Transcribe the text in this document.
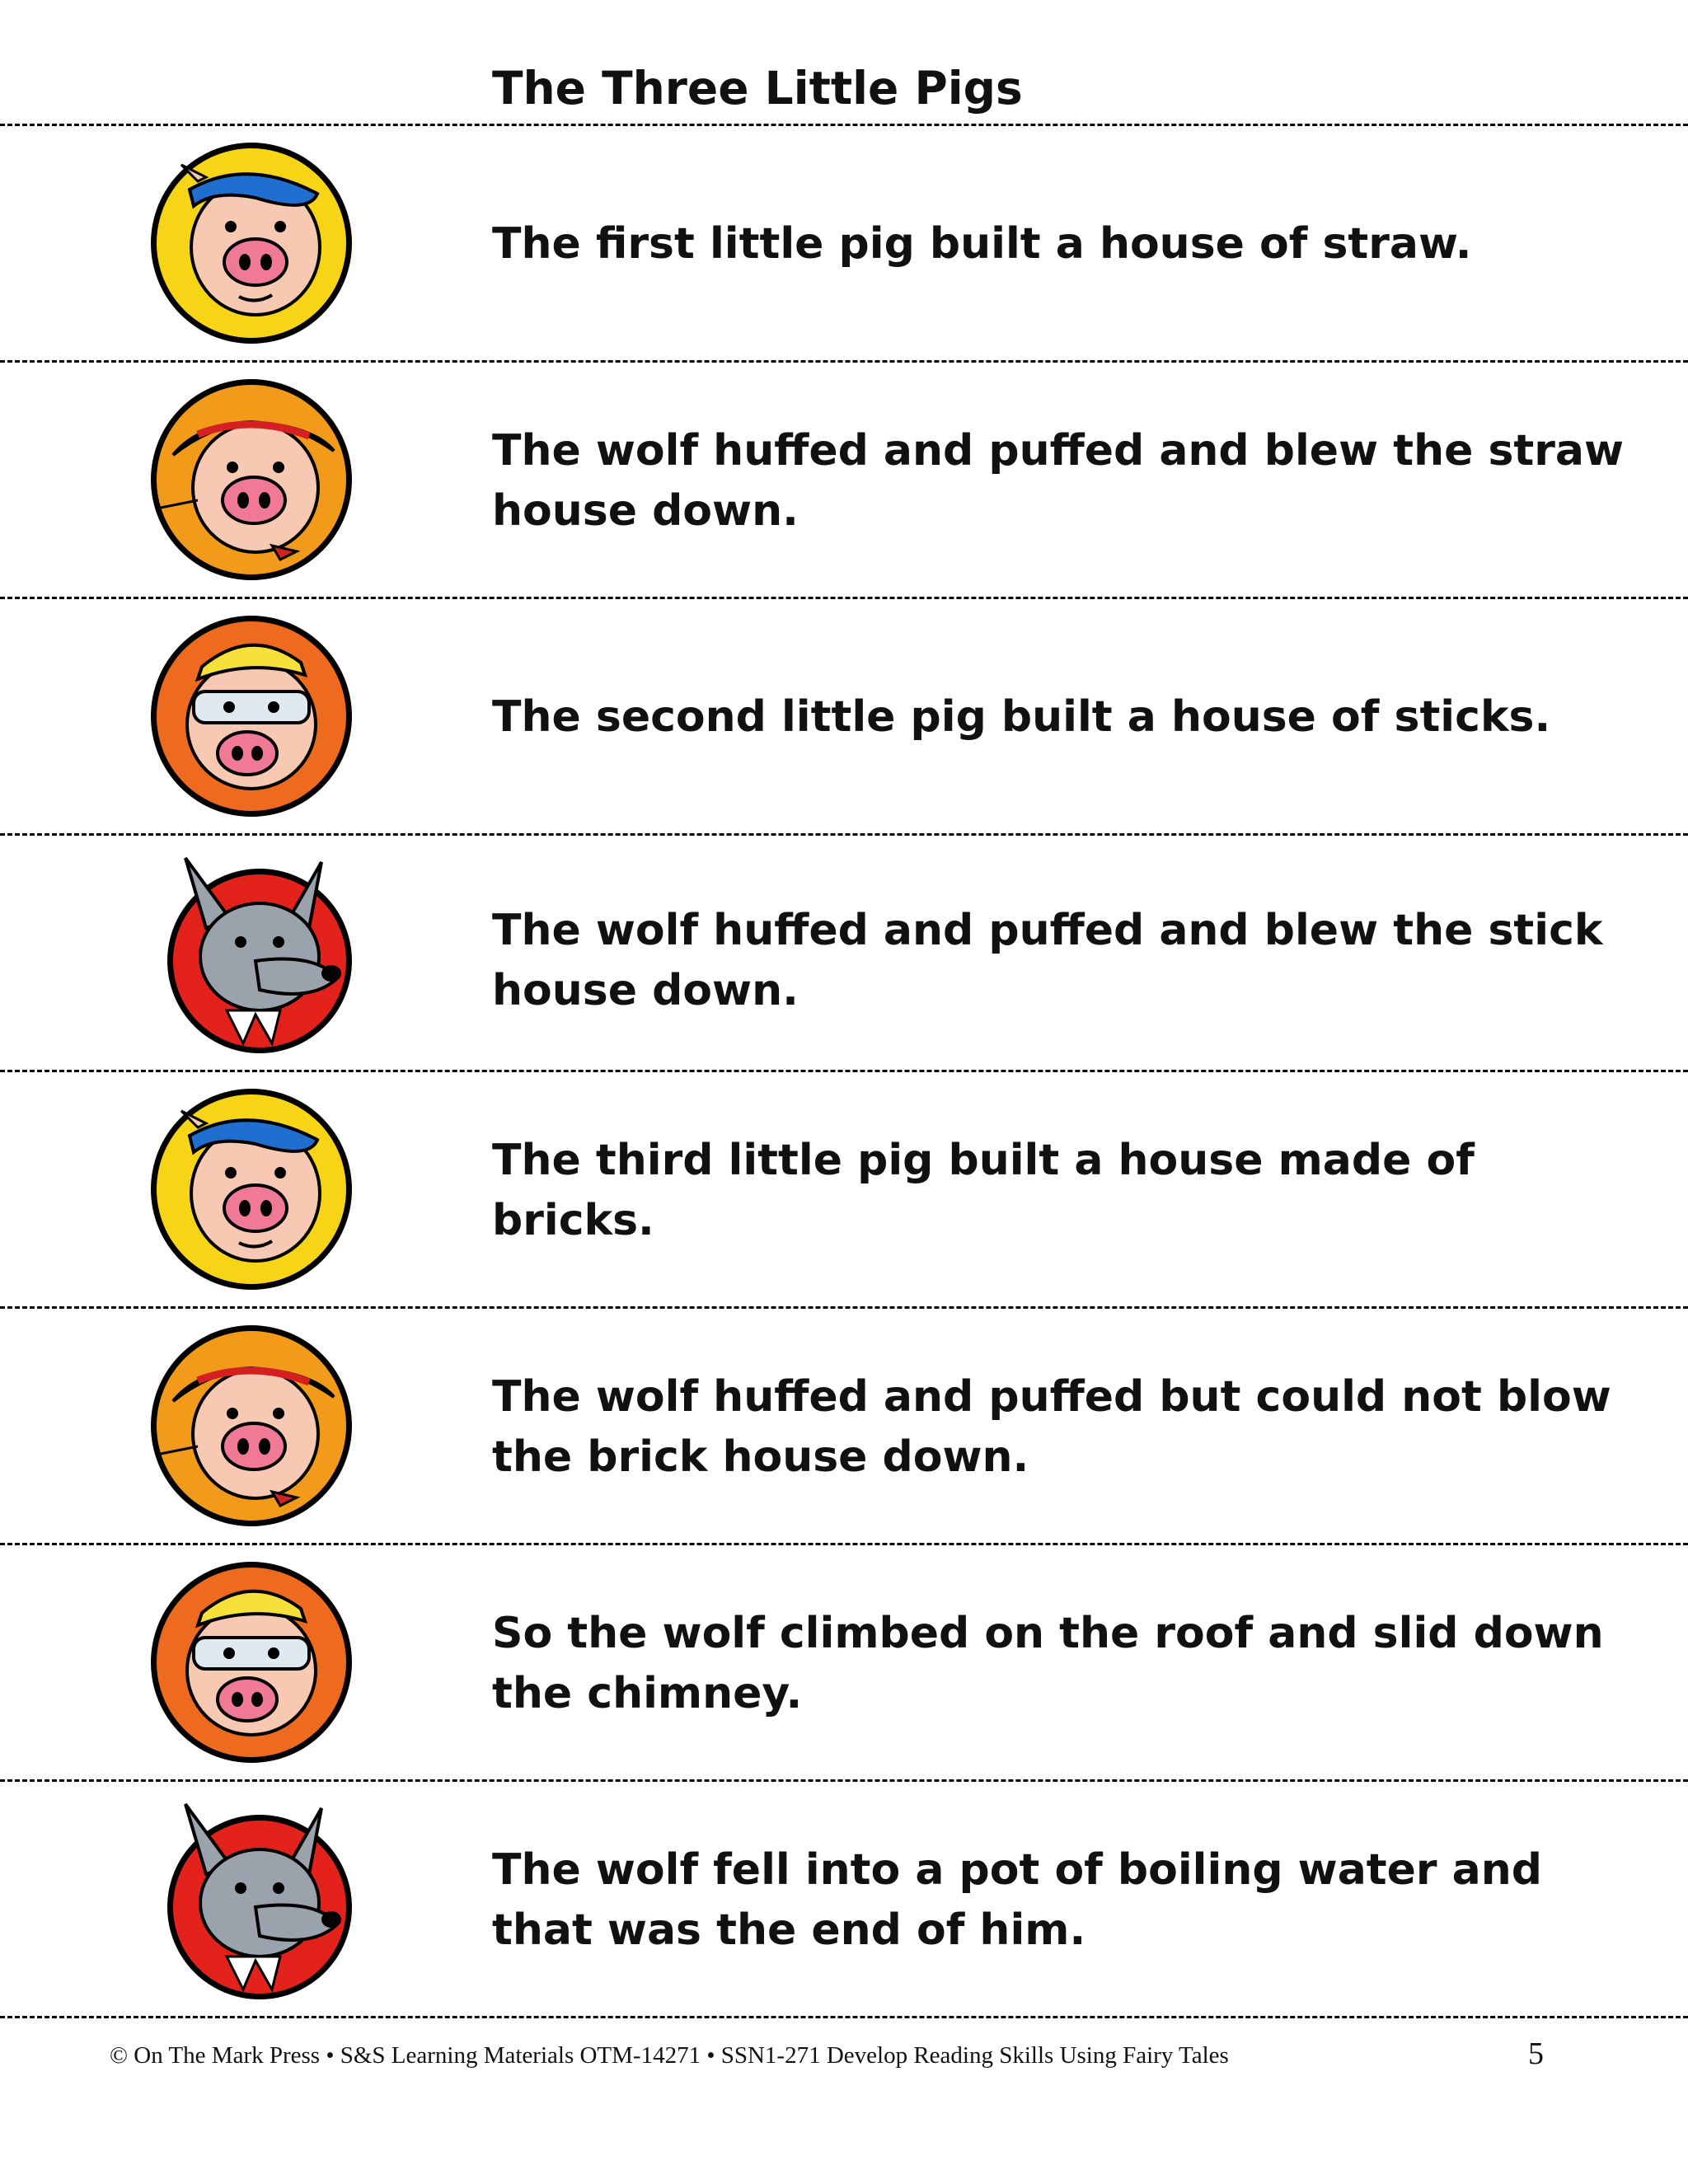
The Three Little Pigs
The first little pig built a house of straw.
The wolf huffed and puffed and blew the straw house down.
The second little pig built a house of sticks.
The wolf huffed and puffed and blew the stick house down.
The third little pig built a house made of bricks.
The wolf huffed and puffed but could not blow the brick house down.
So the wolf climbed on the roof and slid down the chimney.
The wolf fell into a pot of boiling water and that was the end of him.
© On The Mark Press • S&S Learning Materials OTM-14271 • SSN1-271 Develop Reading Skills Using Fairy Tales	5
